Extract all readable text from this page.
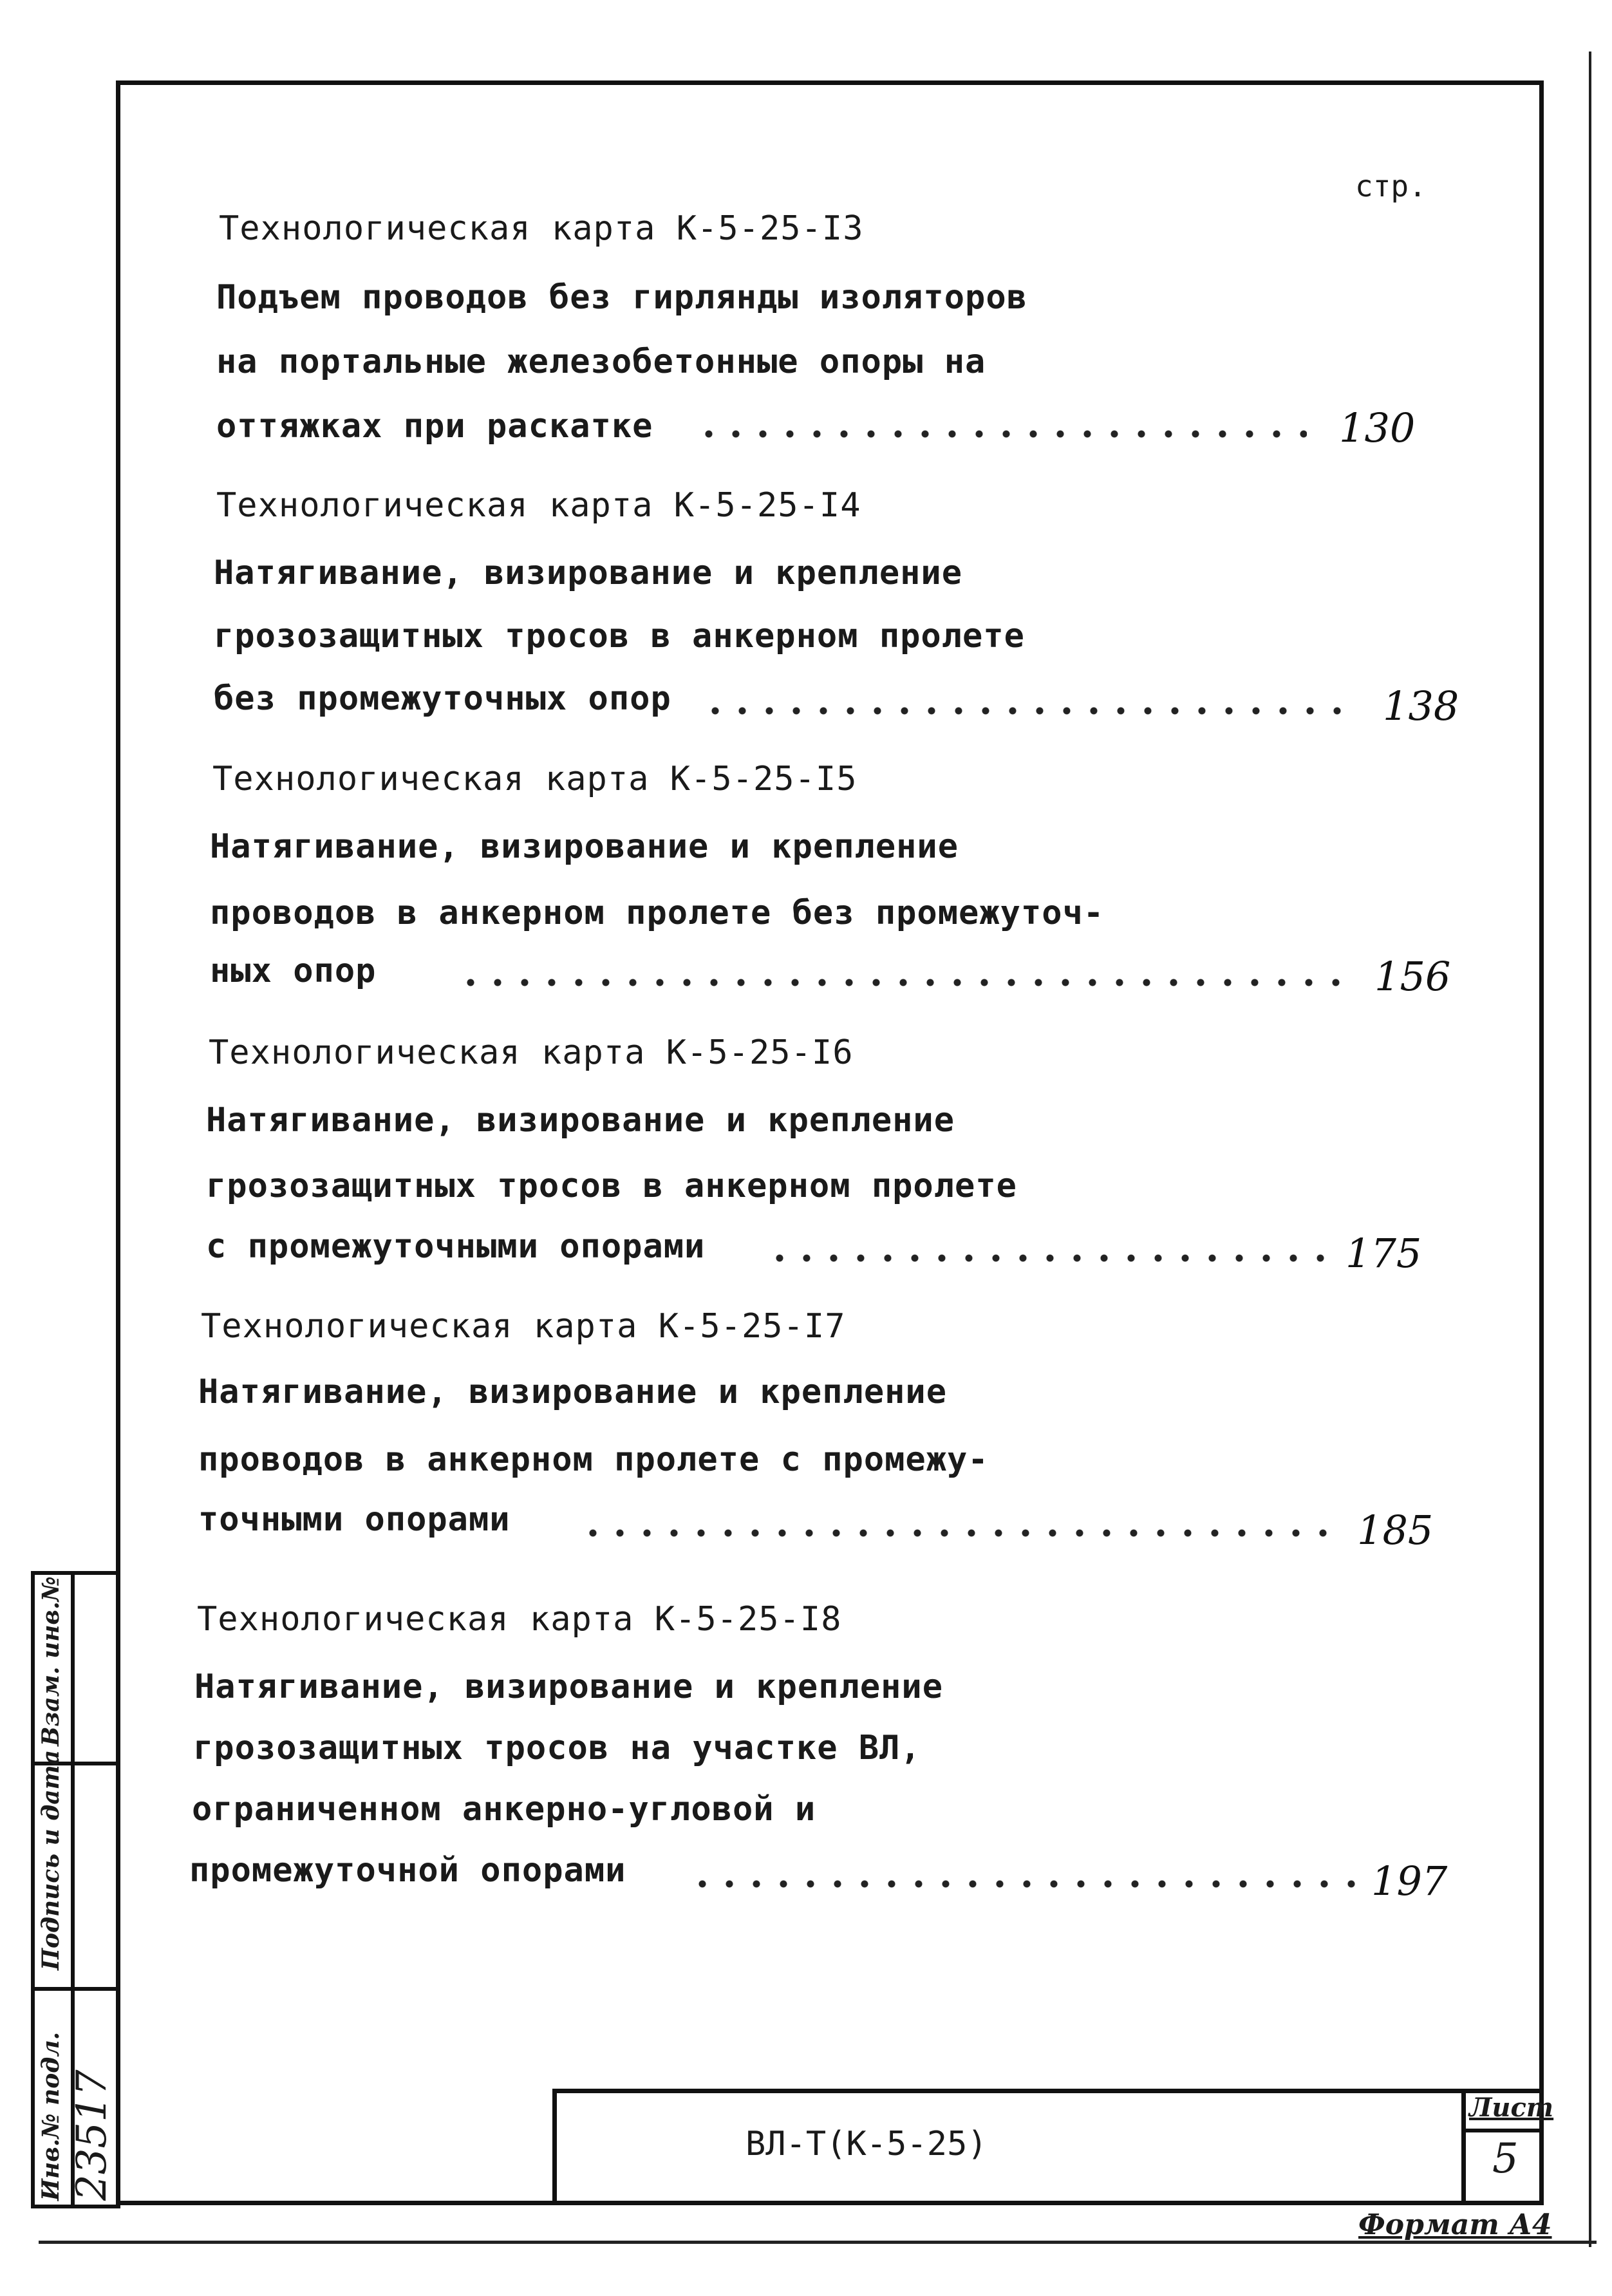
стр.
Технологическая карта К-5-25-I3
Подъем проводов без гирлянды изоляторов
на портальные железобетонные опоры на
оттяжках при раскатке	130
Технологическая карта К-5-25-I4
Натягивание, визирование и крепление
грозозащитных тросов в анкерном пролете
без промежуточных опор	138
Технологическая карта К-5-25-I5
Натягивание, визирование и крепление
проводов в анкерном пролете без промежуточ-
ных опор	156
Технологическая карта К-5-25-I6
Натягивание, визирование и крепление
грозозащитных тросов в анкерном пролете
с промежуточными опорами	175
Технологическая карта К-5-25-I7
Натягивание, визирование и крепление
проводов в анкерном пролете с промежу-
точными опорами	185
Технологическая карта К-5-25-I8
Натягивание, визирование и крепление
грозозащитных тросов на участке ВЛ,
ограниченном анкерно-угловой и
промежуточной опорами	197
Взам. инв.№
Подпись и дата
Инв.№ подл. 23517	ВЛ-Т(К-5-25)
Лист
5
Формат А4
